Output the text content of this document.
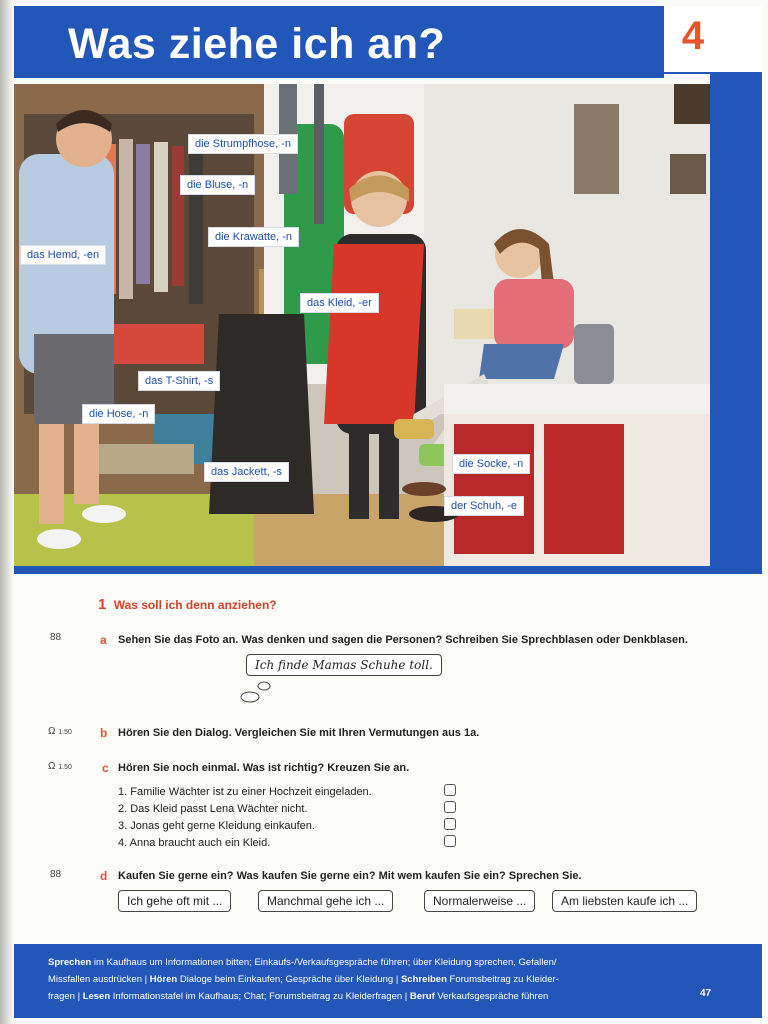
Was ziehe ich an?	4
die Strumpfhose, -n
die Bluse, -n
die Krawatte, -n
das Hemd, -en
das Kleid, -er
das T-Shirt, -s
die Hose, -n
das Jackett, -s
die Socke, -n
der Schuh, -e
1 Was soll ich denn anziehen?
88	a Sehen Sie das Foto an. Was denken und sagen die Personen? Schreiben Sie Sprechblasen oder Denkblasen.
Ich finde Mamas Schuhe toll.
Ω 1.50 b Hören Sie den Dialog. Vergleichen Sie mit Ihren Vermutungen aus 1a.
Ω 1.50	c Hören Sie noch einmal. Was ist richtig? Kreuzen Sie an.
1. Familie Wächter ist zu einer Hochzeit eingeladen.
2. Das Kleid passt Lena Wächter nicht.
3. Jonas geht gerne Kleidung einkaufen.
4. Anna braucht auch ein Kleid.
88	d Kaufen Sie gerne ein? Was kaufen Sie gerne ein? Mit wem kaufen Sie ein? Sprechen Sie.
Ich gehe oft mit ...	Manchmal gehe ich ...	Normalerweise ...	Am liebsten kaufe ich ...
Sprechen im Kaufhaus um Informationen bitten; Einkaufs-/Verkaufsgespräche führen; über Kleidung sprechen, Gefallen/
Missfallen ausdrücken | Hören Dialoge beim Einkaufen; Gespräche über Kleidung | Schreiben Forumsbeitrag zu Kleider-
fragen | Lesen Informationstafel im Kaufhaus; Chat; Forumsbeitrag zu Kleiderfragen | Beruf Verkaufsgespräche führen	47
